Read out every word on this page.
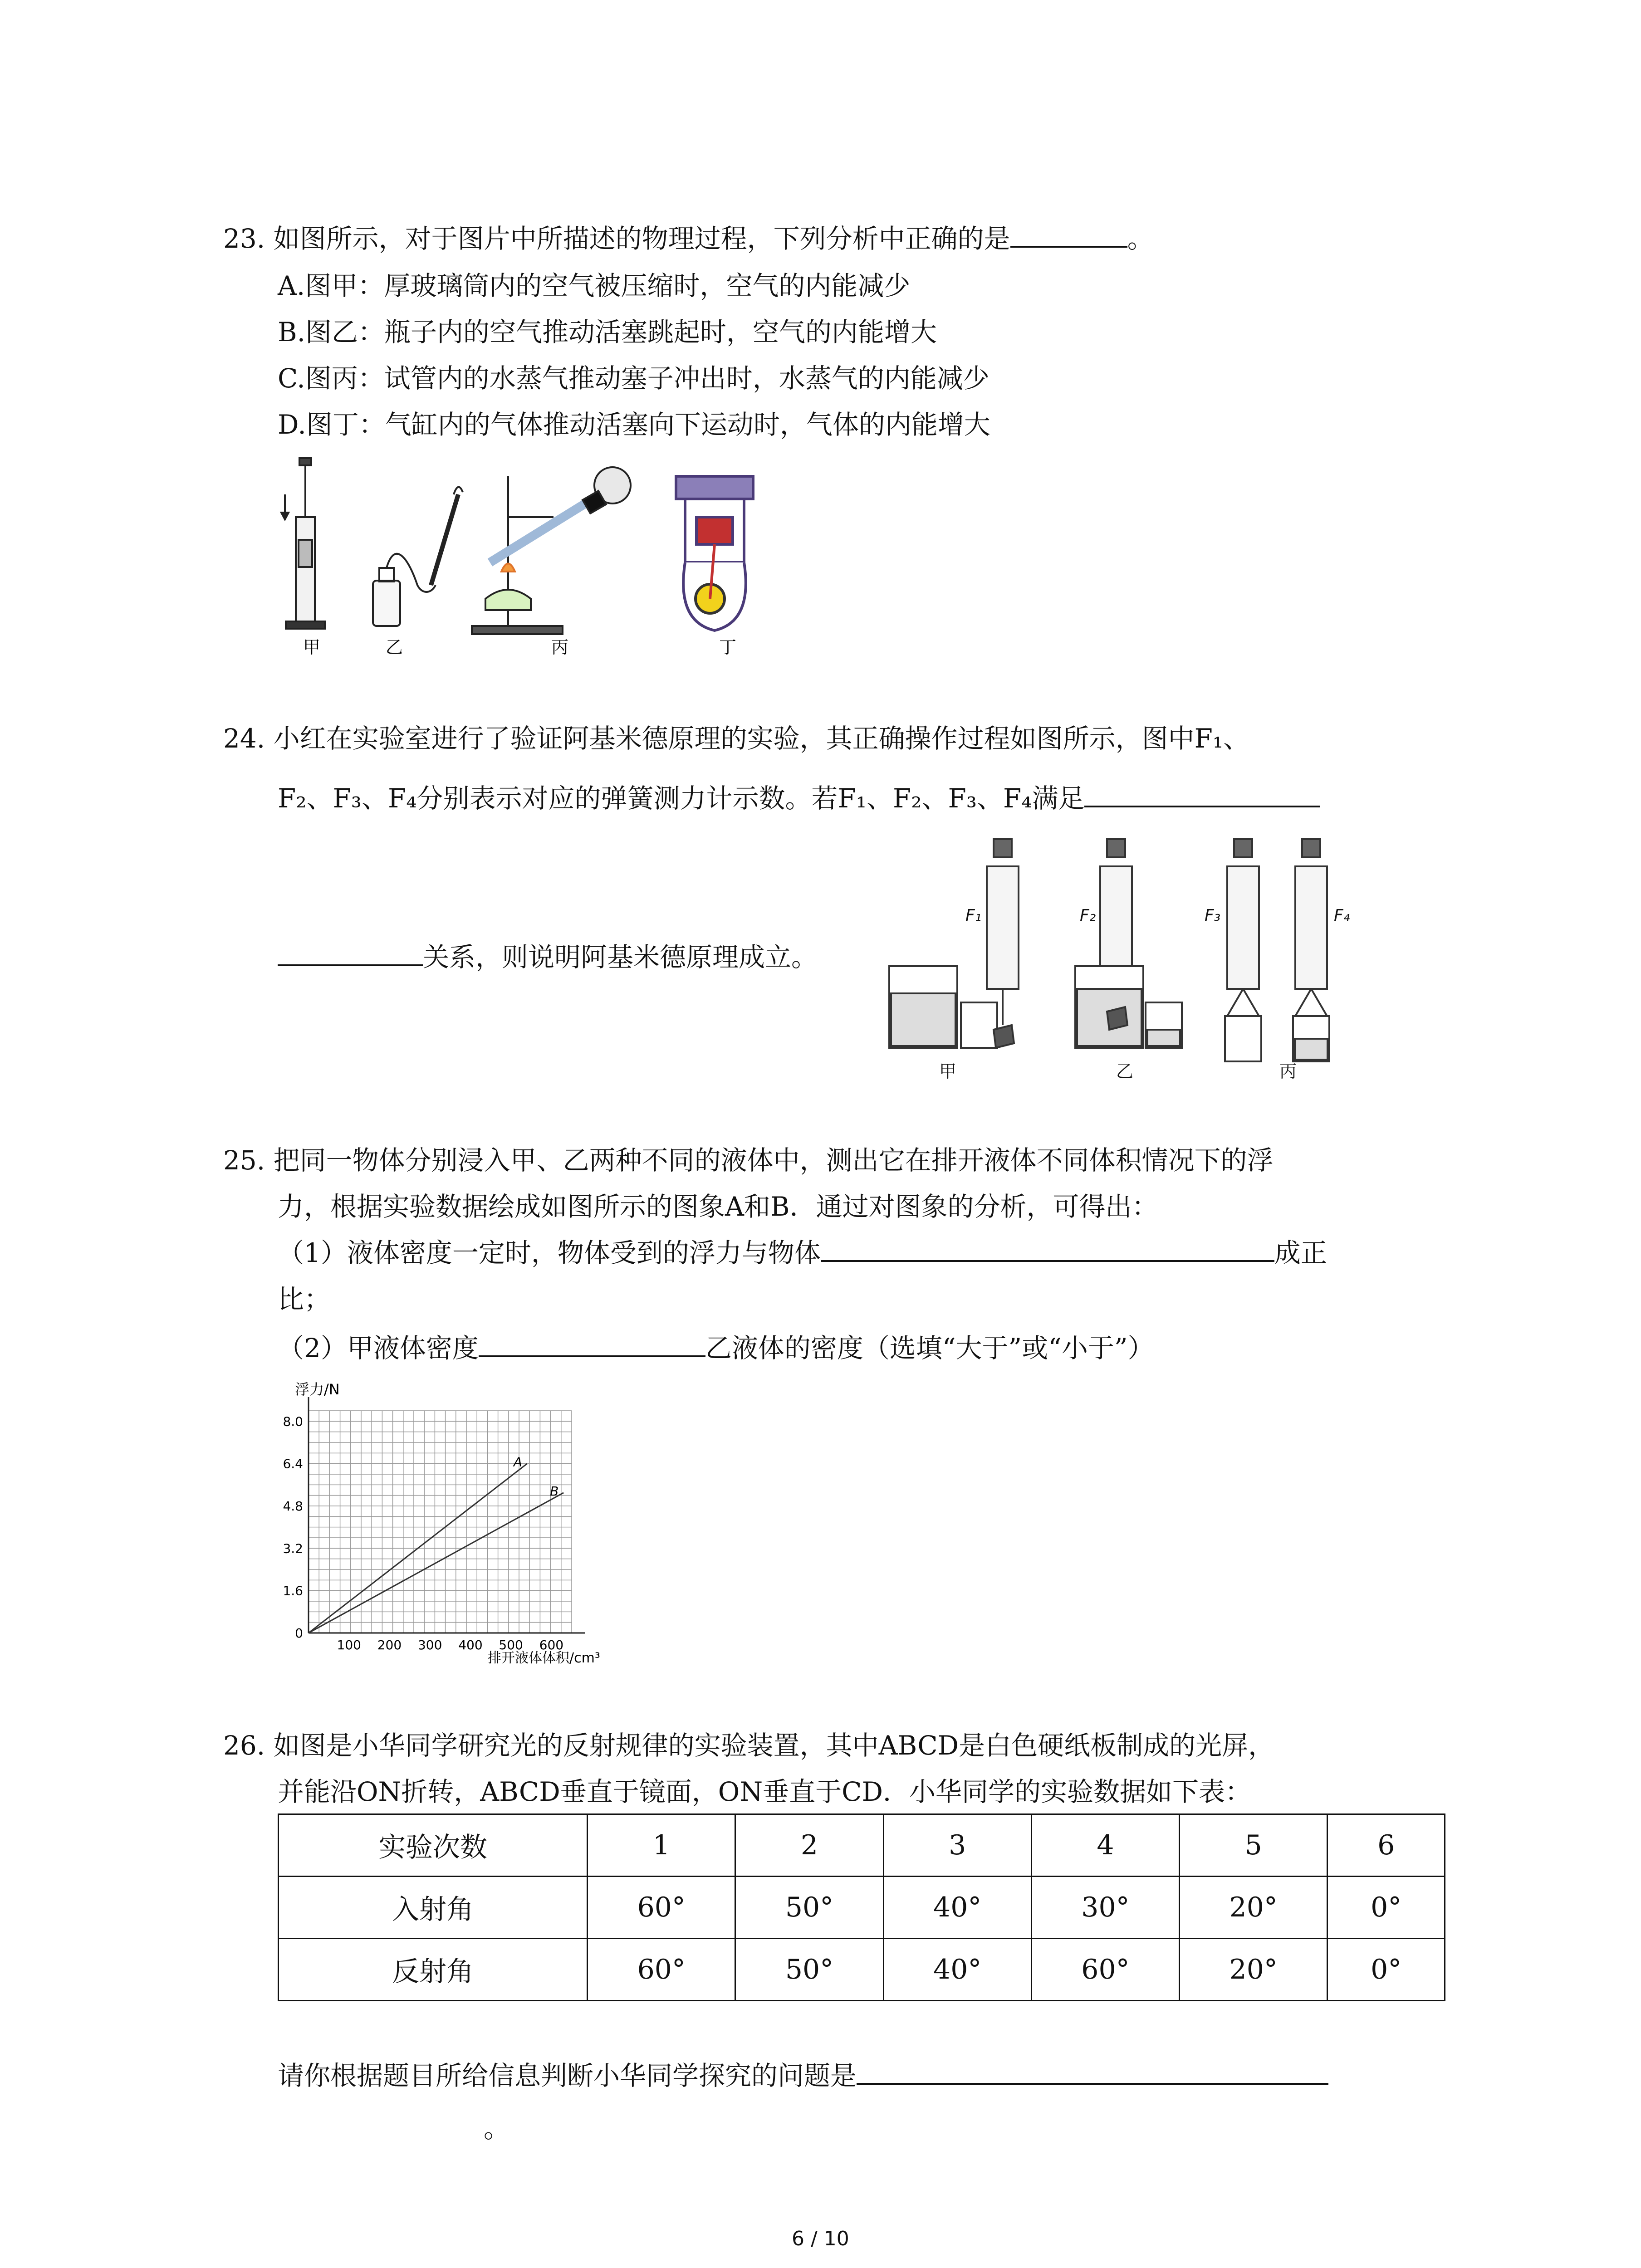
23. 如图所示，对于图片中所描述的物理过程，下列分析中正确的是	。
A.图甲：厚玻璃筒内的空气被压缩时，空气的内能减少
B.图乙：瓶子内的空气推动活塞跳起时，空气的内能增大
C.图丙：试管内的水蒸气推动塞子冲出时，水蒸气的内能减少
D.图丁：气缸内的气体推动活塞向下运动时，气体的内能增大
甲	乙	丙	丁
24. 小红在实验室进行了验证阿基米德原理的实验，其正确操作过程如图所示，图中F₁、
F₂、F₃、F₄分别表示对应的弹簧测力计示数。若F₁、F₂、F₃、F₄满足
关系，则说明阿基米德原理成立。
F₁	F₂	F₃	F₄
甲	乙	丙
25. 把同一物体分别浸入甲、乙两种不同的液体中，测出它在排开液体不同体积情况下的浮
力，根据实验数据绘成如图所示的图象A和B．通过对图象的分析，可得出：
（1）液体密度一定时，物体受到的浮力与物体	成正
比；
（2）甲液体密度	乙液体的密度（选填“大于”或“小于”）
A
B
0
1.6
3.2
4.8
6.4
8.0
100 200 300 400 500 600
浮力/N
排开液体体积/cm³
26. 如图是小华同学研究光的反射规律的实验装置，其中ABCD是白色硬纸板制成的光屏，
并能沿ON折转，ABCD垂直于镜面，ON垂直于CD．小华同学的实验数据如下表：
实验次数	1	2	3	4	5	6
入射角	60°	50°	40°	30°	20°	0°
反射角	60°	50°	40°	60°	20°	0°
请你根据题目所给信息判断小华同学探究的问题是
。
6 / 10
